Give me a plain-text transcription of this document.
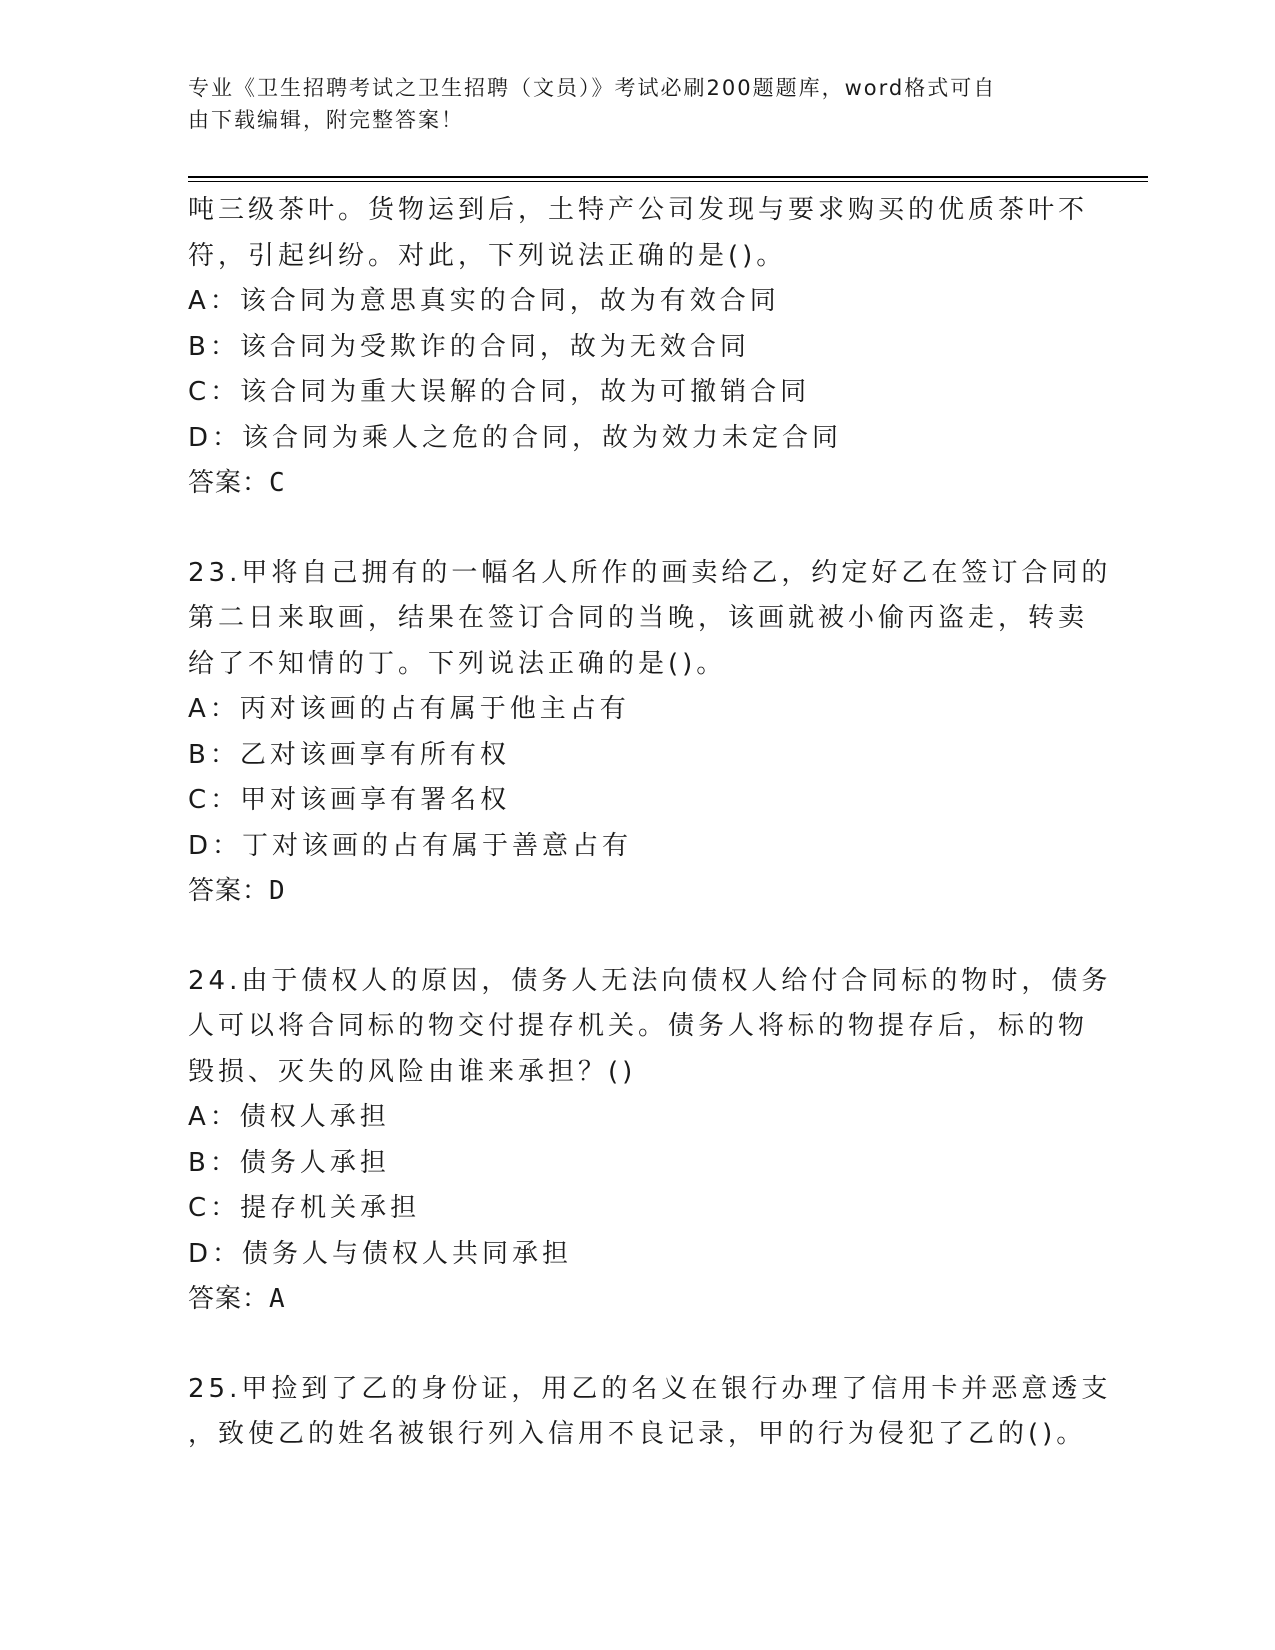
专业《卫生招聘考试之卫生招聘（文员）》考试必刷200题题库，word格式可自
由下载编辑，附完整答案！
吨三级茶叶。货物运到后，土特产公司发现与要求购买的优质茶叶不
符，引起纠纷。对此，下列说法正确的是()。
A：该合同为意思真实的合同，故为有效合同
B：该合同为受欺诈的合同，故为无效合同
C：该合同为重大误解的合同，故为可撤销合同
D：该合同为乘人之危的合同，故为效力未定合同
答案：C
23.甲将自己拥有的一幅名人所作的画卖给乙，约定好乙在签订合同的
第二日来取画，结果在签订合同的当晚，该画就被小偷丙盗走，转卖
给了不知情的丁。下列说法正确的是()。
A：丙对该画的占有属于他主占有
B：乙对该画享有所有权
C：甲对该画享有署名权
D：丁对该画的占有属于善意占有
答案：D
24.由于债权人的原因，债务人无法向债权人给付合同标的物时，债务
人可以将合同标的物交付提存机关。债务人将标的物提存后，标的物
毁损、灭失的风险由谁来承担？()
A：债权人承担
B：债务人承担
C：提存机关承担
D：债务人与债权人共同承担
答案：A
25.甲捡到了乙的身份证，用乙的名义在银行办理了信用卡并恶意透支
，致使乙的姓名被银行列入信用不良记录，甲的行为侵犯了乙的()。
